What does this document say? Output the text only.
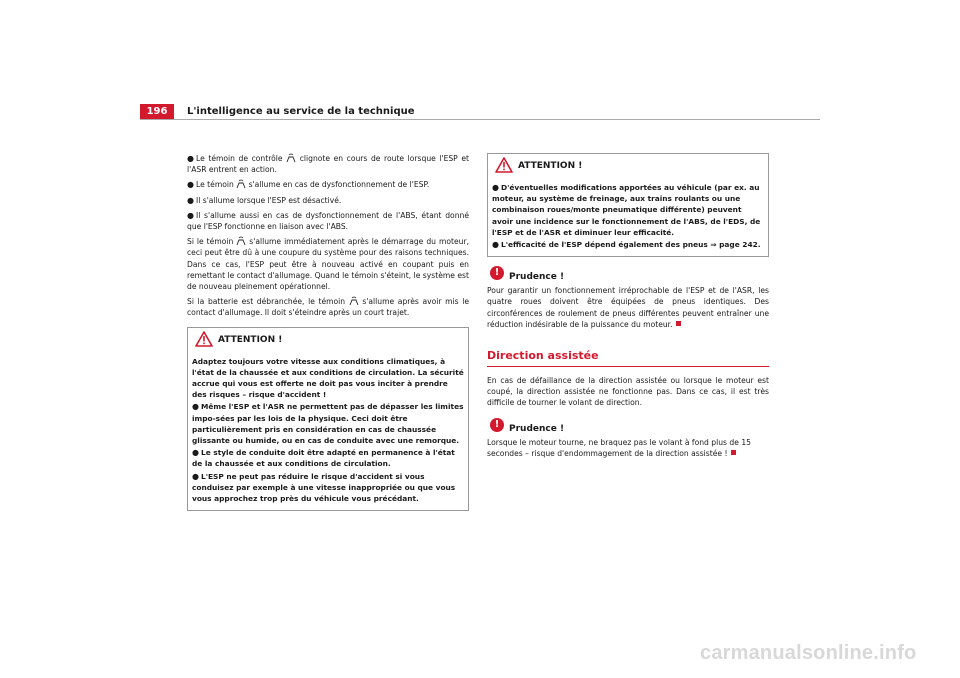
196	L'intelligence au service de la technique

● Le témoin de contrôle  clignote en cours de route lorsque l'ESP et l'ASR entrent en action.

● Le témoin  s'allume en cas de dysfonctionnement de l'ESP.

● Il s'allume lorsque l'ESP est désactivé.

● Il s'allume aussi en cas de dysfonctionnement de l'ABS, étant donné que l'ESP fonctionne en liaison avec l'ABS.

Si le témoin  s'allume immédiatement après le démarrage du moteur, ceci peut être dû à une coupure du système pour des raisons techniques. Dans ce cas, l'ESP peut être à nouveau activé en coupant puis en remettant le contact d'allumage. Quand le témoin s'éteint, le système est de nouveau pleinement opérationnel.

Si la batterie est débranchée, le témoin  s'allume après avoir mis le contact d'allumage. Il doit s'éteindre après un court trajet.

ATTENTION !

Adaptez toujours votre vitesse aux conditions climatiques, à l'état de la chaussée et aux conditions de circulation. La sécurité accrue qui vous est offerte ne doit pas vous inciter à prendre des risques – risque d'accident !

● Même l'ESP et l'ASR ne permettent pas de dépasser les limites impo-sées par les lois de la physique. Ceci doit être particulièrement pris en considération en cas de chaussée glissante ou humide, ou en cas de conduite avec une remorque.

● Le style de conduite doit être adapté en permanence à l'état de la chaussée et aux conditions de circulation.

● L'ESP ne peut pas réduire le risque d'accident si vous conduisez par exemple à une vitesse inappropriée ou que vous vous approchez trop près du véhicule vous précédant.

ATTENTION !

● D'éventuelles modifications apportées au véhicule (par ex. au moteur, au système de freinage, aux trains roulants ou une combinaison roues/monte pneumatique différente) peuvent avoir une incidence sur le fonctionnement de l'ABS, de l'EDS, de l'ESP et de l'ASR et diminuer leur efficacité.

● L'efficacité de l'ESP dépend également des pneus ⇒ page 242.

!	Prudence !

Pour garantir un fonctionnement irréprochable de l'ESP et de l'ASR, les quatre roues doivent être équipées de pneus identiques. Des circonférences de roulement de pneus différentes peuvent entraîner une réduction indésirable de la puissance du moteur.

Direction assistée

En cas de défaillance de la direction assistée ou lorsque le moteur est coupé, la direction assistée ne fonctionne pas. Dans ce cas, il est très difficile de tourner le volant de direction.

!	Prudence !

Lorsque le moteur tourne, ne braquez pas le volant à fond plus de 15 secondes – risque d'endommagement de la direction assistée !

carmanualsonline.info
